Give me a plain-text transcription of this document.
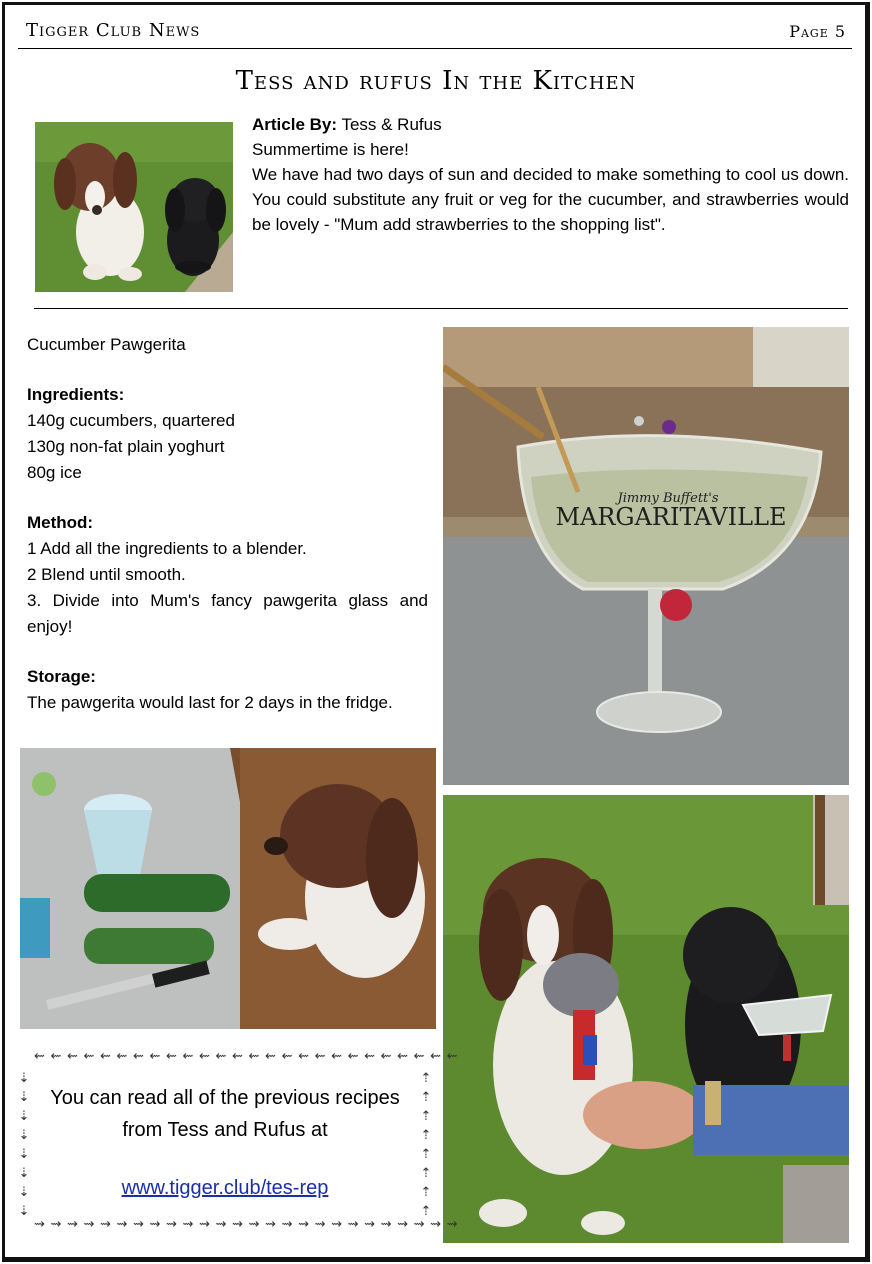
Tigger Club News	Page 5
Tess and rufus In the Kitchen

Article By: Tess & Rufus

Summertime is here!

We have had two days of sun and decided to make something to cool us down. You could substitute any fruit or veg for the cucumber, and strawberries would be lovely - "Mum add strawberries to the shopping list".

Cucumber Pawgerita

Ingredients:

140g cucumbers, quartered

130g non-fat plain yoghurt

80g ice

Method:

1 Add all the ingredients to a blender.

2 Blend until smooth.

3. Divide into Mum's fancy pawgerita glass and enjoy!

Storage:

The pawgerita would last for 2 days in the fridge.

Jimmy Buffett's
MARGARITAVILLE
⇜ ⇜ ⇜ ⇜ ⇜ ⇜ ⇜ ⇜ ⇜ ⇜ ⇜ ⇜ ⇜ ⇜ ⇜ ⇜ ⇜ ⇜ ⇜ ⇜ ⇜ ⇜ ⇜ ⇜ ⇜ ⇜
⇝ ⇝ ⇝ ⇝ ⇝ ⇝ ⇝ ⇝ ⇝ ⇝ ⇝ ⇝ ⇝ ⇝ ⇝ ⇝ ⇝ ⇝ ⇝ ⇝ ⇝ ⇝ ⇝ ⇝ ⇝ ⇝
⇣
⇣
⇣
⇣
⇣
⇣
⇣
⇣
⇡
⇡
⇡
⇡
⇡
⇡
⇡
⇡
You can read all of the previous recipes
from Tess and Rufus at
www.tigger.club/tes-rep
